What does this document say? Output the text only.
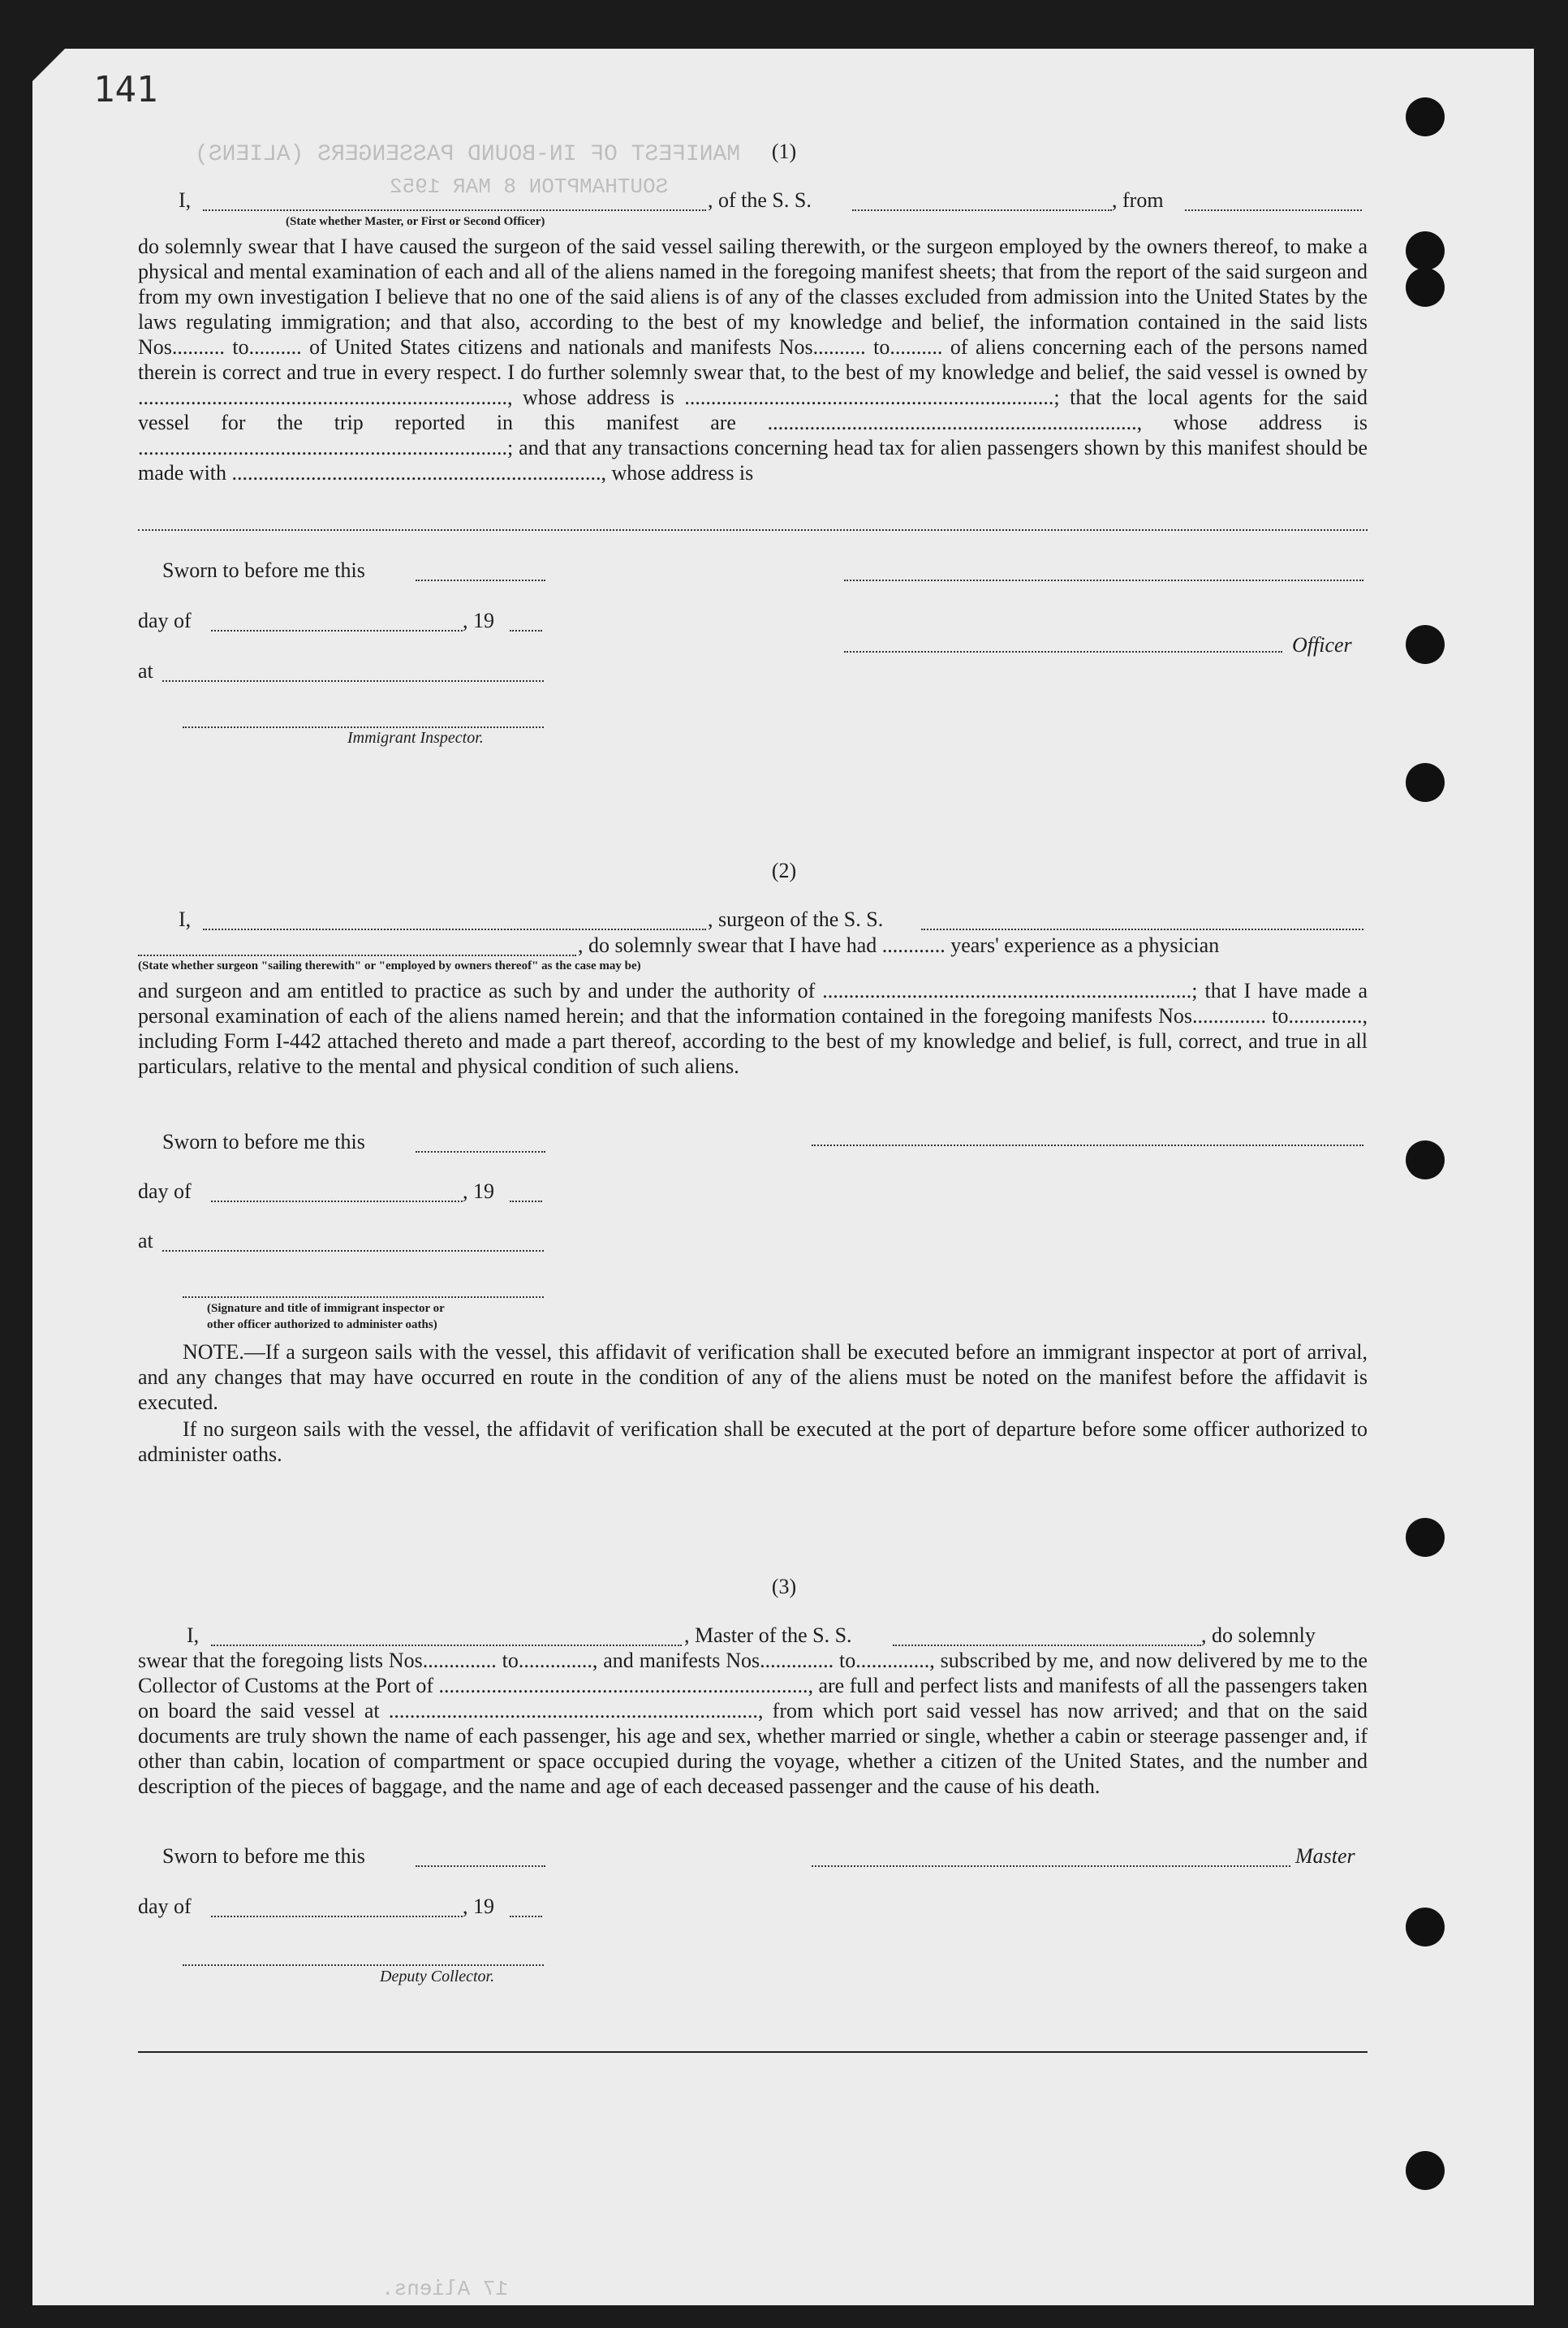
141
MANIFEST OF IN-BOUND PASSENGERS (ALIENS)
SOUTHAMPTON 8 MAR 1952
17 Aliens.
(1)
I,	, of the S. S.	, from
(State whether Master, or First or Second Officer)
do solemnly swear that I have caused the surgeon of the said vessel sailing therewith, or the surgeon employed by the owners thereof, to make a physical and mental examination of each and all of the aliens named in the foregoing manifest sheets; that from the report of the said surgeon and from my own investigation I believe that no one of the said aliens is of any of the classes excluded from admission into the United States by the laws regulating immigration; and that also, according to the best of my knowledge and belief, the information contained in the said lists Nos.......... to.......... of United States citizens and nationals and manifests Nos.......... to.......... of aliens concerning each of the persons named therein is correct and true in every respect. I do further solemnly swear that, to the best of my knowledge and belief, the said vessel is owned by ......................................................................, whose address is ......................................................................; that the local agents for the said vessel for the trip reported in this manifest are ......................................................................, whose address is ......................................................................; and that any transactions concerning head tax for alien passengers shown by this manifest should be made with ......................................................................, whose address is
Sworn to before me this
day of	, 19
Officer
at
Immigrant Inspector.
(2)
I,	, surgeon of the S. S.
, do solemnly swear that I have had ............ years' experience as a physician
(State whether surgeon "sailing therewith" or "employed by owners thereof" as the case may be)
and surgeon and am entitled to practice as such by and under the authority of ......................................................................; that I have made a personal examination of each of the aliens named herein; and that the information contained in the foregoing manifests Nos.............. to.............., including Form I-442 attached thereto and made a part thereof, according to the best of my knowledge and belief, is full, correct, and true in all particulars, relative to the mental and physical condition of such aliens.
Sworn to before me this
day of	, 19
at
(Signature and title of immigrant inspector or
other officer authorized to administer oaths)
NOTE.—If a surgeon sails with the vessel, this affidavit of verification shall be executed before an immigrant inspector at port of arrival, and any changes that may have occurred en route in the condition of any of the aliens must be noted on the manifest before the affidavit is executed.
If no surgeon sails with the vessel, the affidavit of verification shall be executed at the port of departure before some officer authorized to administer oaths.
(3)
I,	, Master of the S. S.	, do solemnly
swear that the foregoing lists Nos.............. to.............., and manifests Nos.............. to.............., subscribed by me, and now delivered by me to the Collector of Customs at the Port of ......................................................................, are full and perfect lists and manifests of all the passengers taken on board the said vessel at ......................................................................, from which port said vessel has now arrived; and that on the said documents are truly shown the name of each passenger, his age and sex, whether married or single, whether a cabin or steerage passenger and, if other than cabin, location of compartment or space occupied during the voyage, whether a citizen of the United States, and the number and description of the pieces of baggage, and the name and age of each deceased passenger and the cause of his death.
Sworn to before me this	Master
day of	, 19
Deputy Collector.
